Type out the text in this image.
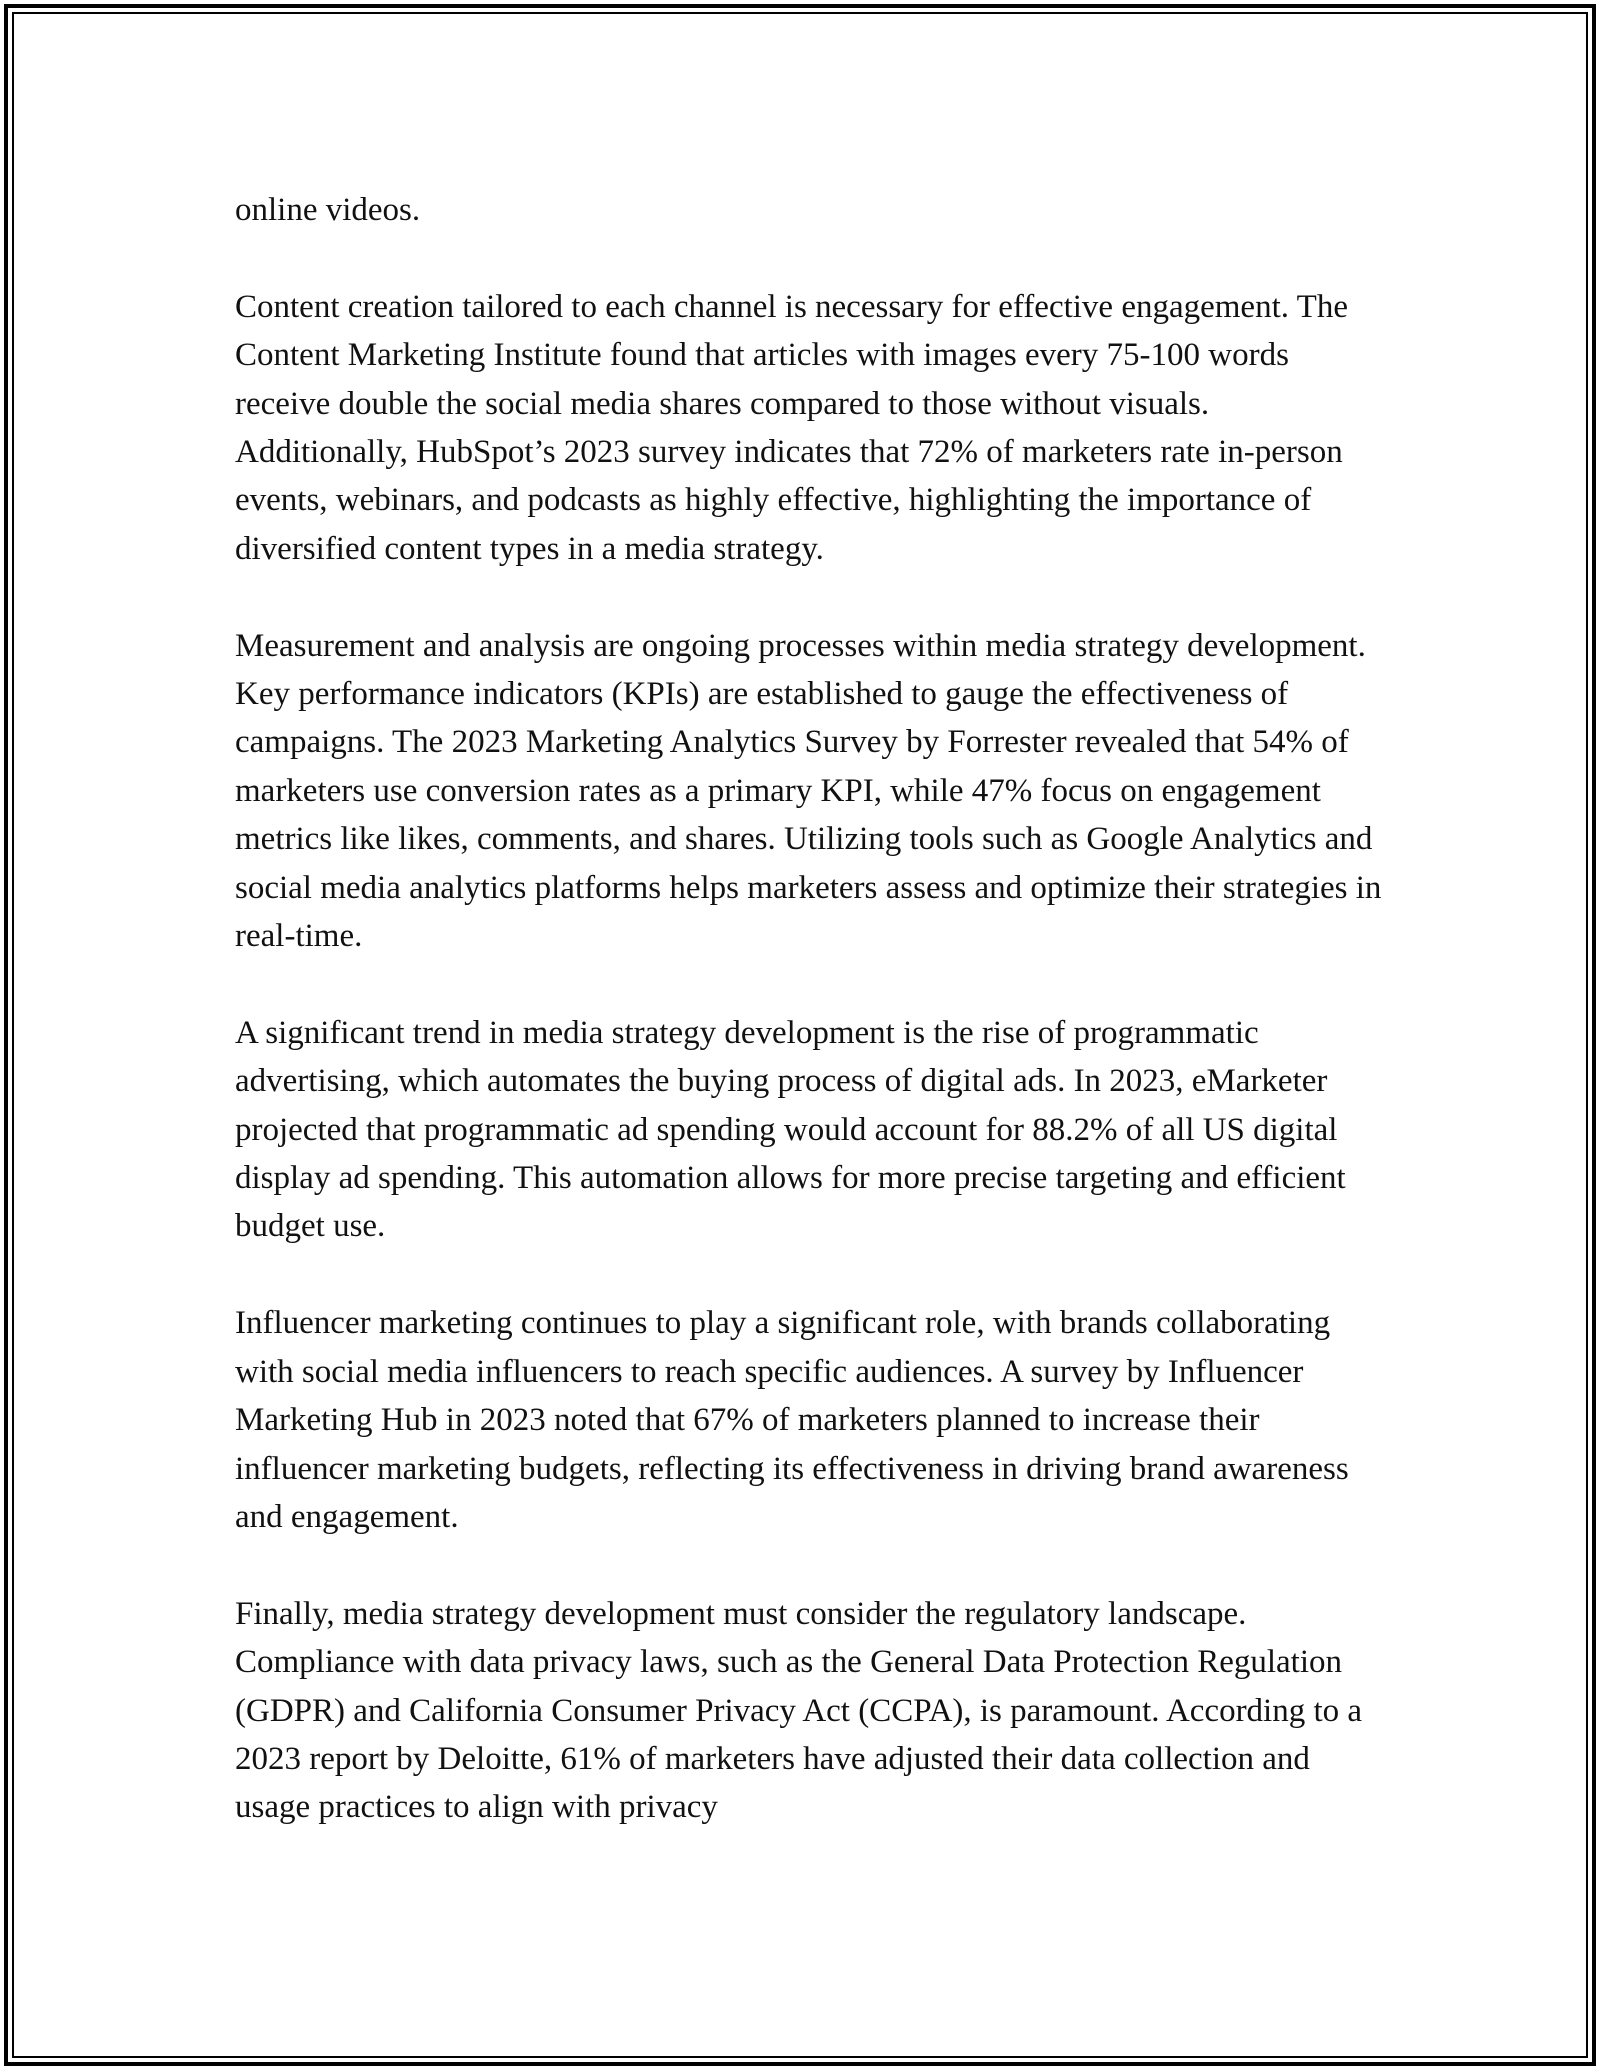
online videos.

Content creation tailored to each channel is necessary for effective engagement. The Content Marketing Institute found that articles with images every 75-100 words receive double the social media shares compared to those without visuals. Additionally, HubSpot’s 2023 survey indicates that 72% of marketers rate in-person events, webinars, and podcasts as highly effective, highlighting the importance of diversified content types in a media strategy.

Measurement and analysis are ongoing processes within media strategy development. Key performance indicators (KPIs) are established to gauge the effectiveness of campaigns. The 2023 Marketing Analytics Survey by Forrester revealed that 54% of marketers use conversion rates as a primary KPI, while 47% focus on engagement metrics like likes, comments, and shares. Utilizing tools such as Google Analytics and social media analytics platforms helps marketers assess and optimize their strategies in real-time.

A significant trend in media strategy development is the rise of programmatic advertising, which automates the buying process of digital ads. In 2023, eMarketer projected that programmatic ad spending would account for 88.2% of all US digital display ad spending. This automation allows for more precise targeting and efficient budget use.

Influencer marketing continues to play a significant role, with brands collaborating with social media influencers to reach specific audiences. A survey by Influencer Marketing Hub in 2023 noted that 67% of marketers planned to increase their influencer marketing budgets, reflecting its effectiveness in driving brand awareness and engagement.

Finally, media strategy development must consider the regulatory landscape. Compliance with data privacy laws, such as the General Data Protection Regulation (GDPR) and California Consumer Privacy Act (CCPA), is paramount. According to a 2023 report by Deloitte, 61% of marketers have adjusted their data collection and usage practices to align with privacy
